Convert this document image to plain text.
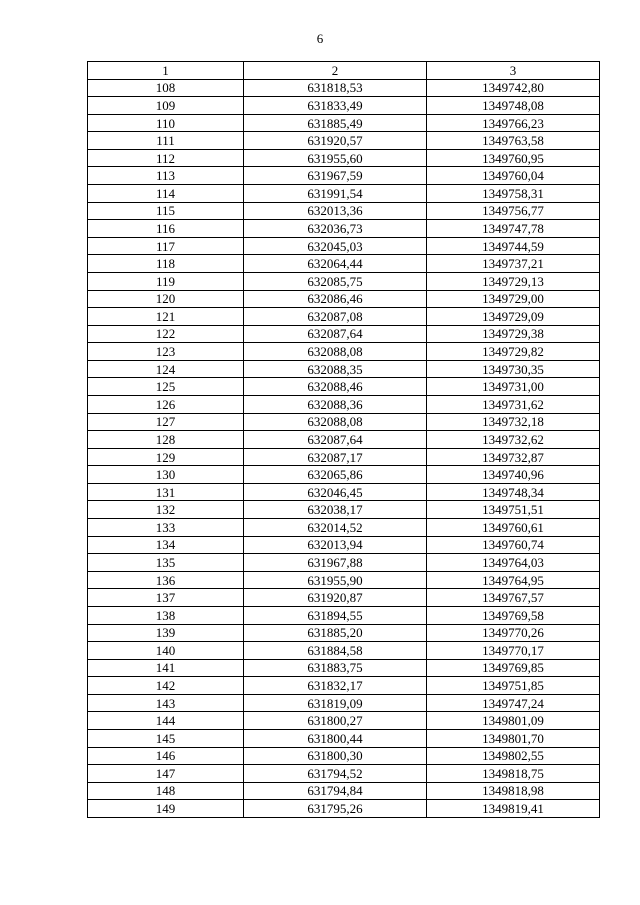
6
1	2	3
108	631818,53	1349742,80
109	631833,49	1349748,08
110	631885,49	1349766,23
111	631920,57	1349763,58
112	631955,60	1349760,95
113	631967,59	1349760,04
114	631991,54	1349758,31
115	632013,36	1349756,77
116	632036,73	1349747,78
117	632045,03	1349744,59
118	632064,44	1349737,21
119	632085,75	1349729,13
120	632086,46	1349729,00
121	632087,08	1349729,09
122	632087,64	1349729,38
123	632088,08	1349729,82
124	632088,35	1349730,35
125	632088,46	1349731,00
126	632088,36	1349731,62
127	632088,08	1349732,18
128	632087,64	1349732,62
129	632087,17	1349732,87
130	632065,86	1349740,96
131	632046,45	1349748,34
132	632038,17	1349751,51
133	632014,52	1349760,61
134	632013,94	1349760,74
135	631967,88	1349764,03
136	631955,90	1349764,95
137	631920,87	1349767,57
138	631894,55	1349769,58
139	631885,20	1349770,26
140	631884,58	1349770,17
141	631883,75	1349769,85
142	631832,17	1349751,85
143	631819,09	1349747,24
144	631800,27	1349801,09
145	631800,44	1349801,70
146	631800,30	1349802,55
147	631794,52	1349818,75
148	631794,84	1349818,98
149	631795,26	1349819,41
